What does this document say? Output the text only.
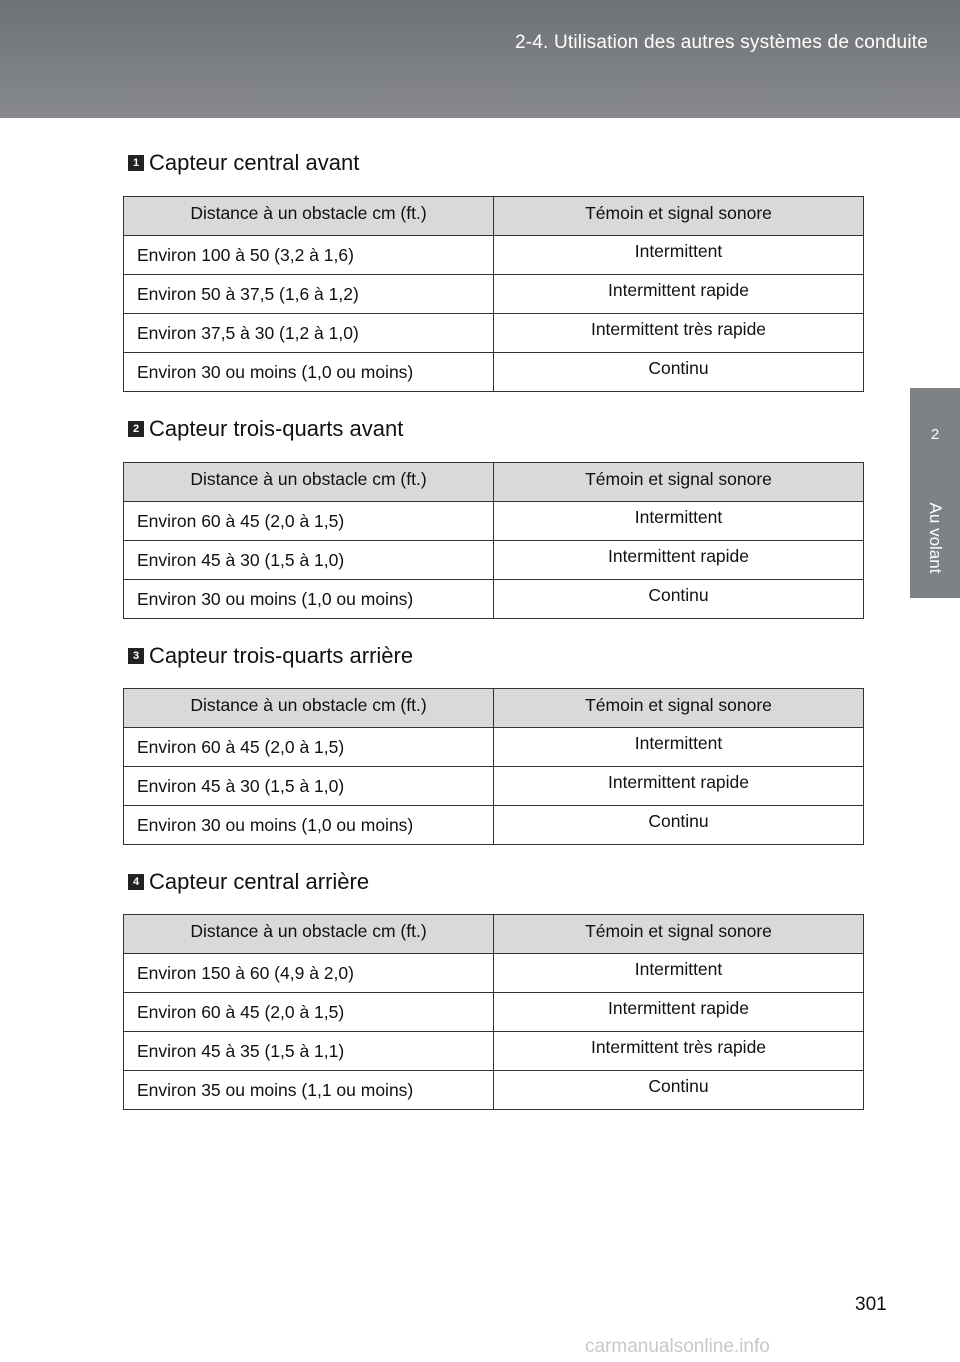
2-4. Utilisation des autres systèmes de conduite
2
Au volant
1 Capteur central avant
Distance à un obstacle cm (ft.)	Témoin et signal sonore
Environ 100 à 50 (3,2 à 1,6)	Intermittent
Environ 50 à 37,5 (1,6 à 1,2)	Intermittent rapide
Environ 37,5 à 30 (1,2 à 1,0)	Intermittent très rapide
Environ 30 ou moins (1,0 ou moins)	Continu
2 Capteur trois-quarts avant
Distance à un obstacle cm (ft.)	Témoin et signal sonore
Environ 60 à 45 (2,0 à 1,5)	Intermittent
Environ 45 à 30 (1,5 à 1,0)	Intermittent rapide
Environ 30 ou moins (1,0 ou moins)	Continu
3 Capteur trois-quarts arrière
Distance à un obstacle cm (ft.)	Témoin et signal sonore
Environ 60 à 45 (2,0 à 1,5)	Intermittent
Environ 45 à 30 (1,5 à 1,0)	Intermittent rapide
Environ 30 ou moins (1,0 ou moins)	Continu
4 Capteur central arrière
Distance à un obstacle cm (ft.)	Témoin et signal sonore
Environ 150 à 60 (4,9 à 2,0)	Intermittent
Environ 60 à 45 (2,0 à 1,5)	Intermittent rapide
Environ 45 à 35 (1,5 à 1,1)	Intermittent très rapide
Environ 35 ou moins (1,1 ou moins)	Continu
301
carmanualsonline.info
